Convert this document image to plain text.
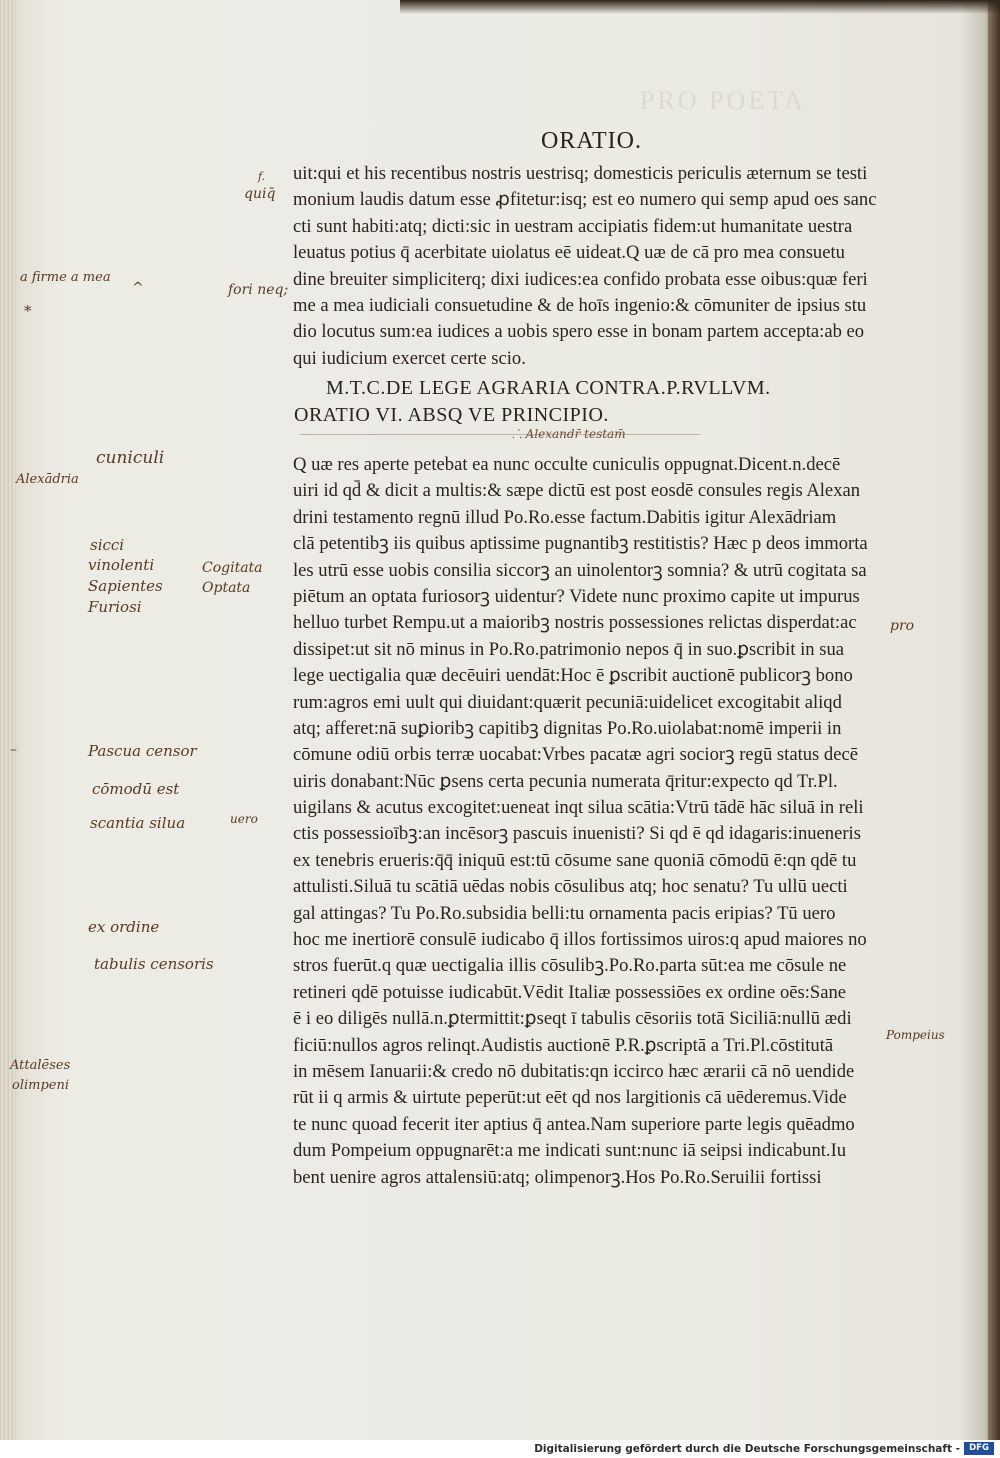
PRO POETA
ORATIO.
uit:qui et his recentibus nostris uestrisq; domesticis periculis æternum se testi
monium laudis datum esse ꝓfitetur:isq; est eo numero qui semp apud oes sanc
cti sunt habiti:atq; dicti:sic in uestram accipiatis fidem:ut humanitate uestra
leuatus potius q̄ acerbitate uiolatus eē uideat.Q uæ de cā pro mea consuetu
dine breuiter simpliciterq; dixi iudices:ea confido probata esse oibus:quæ feri
me a mea iudiciali consuetudine & de hoīs ingenio:& cōmuniter de ipsius stu
dio locutus sum:ea iudices a uobis spero esse in bonam partem accepta:ab eo
qui iudicium exercet certe scio.
M.T.C.DE LEGE AGRARIA CONTRA.P.RVLLVM.
ORATIO VI. ABSQ VE PRINCIPIO.
⸫ Alexandr̄ testam̄
Q uæ res aperte petebat ea nunc occulte cuniculis oppugnat.Dicent.n.decē
uiri id qd̄ & dicit a multis:& sæpe dictū est post eosdē consules regis Alexan
drini testamento regnū illud Po.Ro.esse factum.Dabitis igitur Alexādriam
clā petentibꝫ iis quibus aptissime pugnantibꝫ restitistis? Hæc p deos immorta
les utrū esse uobis consilia siccorꝫ an uinolentorꝫ somnia? & utrū cogitata sa
piētum an optata furiosorꝫ uidentur? Videte nunc proximo capite ut impurus
helluo turbet Rempu.ut a maioribꝫ nostris possessiones relictas disperdat:ac
dissipet:ut sit nō minus in Po.Ro.patrimonio nepos q̄ in suo.ꝑscribit in sua
lege uectigalia quæ decēuiri uendāt:Hoc ē ꝑscribit auctionē publicorꝫ bono
rum:agros emi uult qui diuidant:quærit pecuniā:uidelicet excogitabit aliqd
atq; afferet:nā suꝑioribꝫ capitibꝫ dignitas Po.Ro.uiolabat:nomē imperii in
cōmune odiū orbis terræ uocabat:Vrbes pacatæ agri sociorꝫ regū status decē
uiris donabant:Nūc ꝑsens certa pecunia numerata q̄ritur:expecto qd Tr.Pl.
uigilans & acutus excogitet:ueneat inqt silua scātia:Vtrū tādē hāc siluā in reli
ctis possessioībꝫ:an incēsorꝫ pascuis inuenisti? Si qd ē qd idagaris:inueneris
ex tenebris erueris:q̄q̄ iniquū est:tū cōsume sane quoniā cōmodū ē:qn qdē tu
attulisti.Siluā tu scātiā uēdas nobis cōsulibus atq; hoc senatu? Tu ullū uecti
gal attingas? Tu Po.Ro.subsidia belli:tu ornamenta pacis eripias? Tū uero
hoc me inertiorē consulē iudicabo q̄ illos fortissimos uiros:q apud maiores no
stros fuerūt.q quæ uectigalia illis cōsulibꝫ.Po.Ro.parta sūt:ea me cōsule ne
retineri qdē potuisse iudicabūt.Vēdit Italiæ possessiōes ex ordine oēs:Sane
ē i eo diligēs nullā.n.ꝑtermittit:ꝑseqt ī tabulis cēsoriis totā Siciliā:nullū ædi
ficiū:nullos agros relinqt.Audistis auctionē P.R.ꝑscriptā a Tri.Pl.cōstitutā
in mēsem Ianuarii:& credo nō dubitatis:qn iccirco hæc ærarii cā nō uendide
rūt ii q armis & uirtute peperūt:ut eēt qd nos largitionis cā uēderemus.Vide
te nunc quoad fecerit iter aptius q̄ antea.Nam superiore parte legis quēadmo
dum Pompeium oppugnarēt:a me indicati sunt:nunc iā seipsi indicabunt.Iu
bent uenire agros attalensiū:atq; olimpenorꝫ.Hos Po.Ro.Seruilii fortissi
a firme a mea
*
cuniculi
Alexādria
sicci
vinolenti
Sapientes
Furiosi
–	Pascua censor
cōmodū est
scantia silua
ex ordine
tabulis censoris
Attalēses
olimpeni
f.
quiq̄
fori neq;
^
Cogitata
Optata
uero
pro
Pompeius
Digitalisierung gefördert durch die Deutsche Forschungsgemeinschaft -	DFG
